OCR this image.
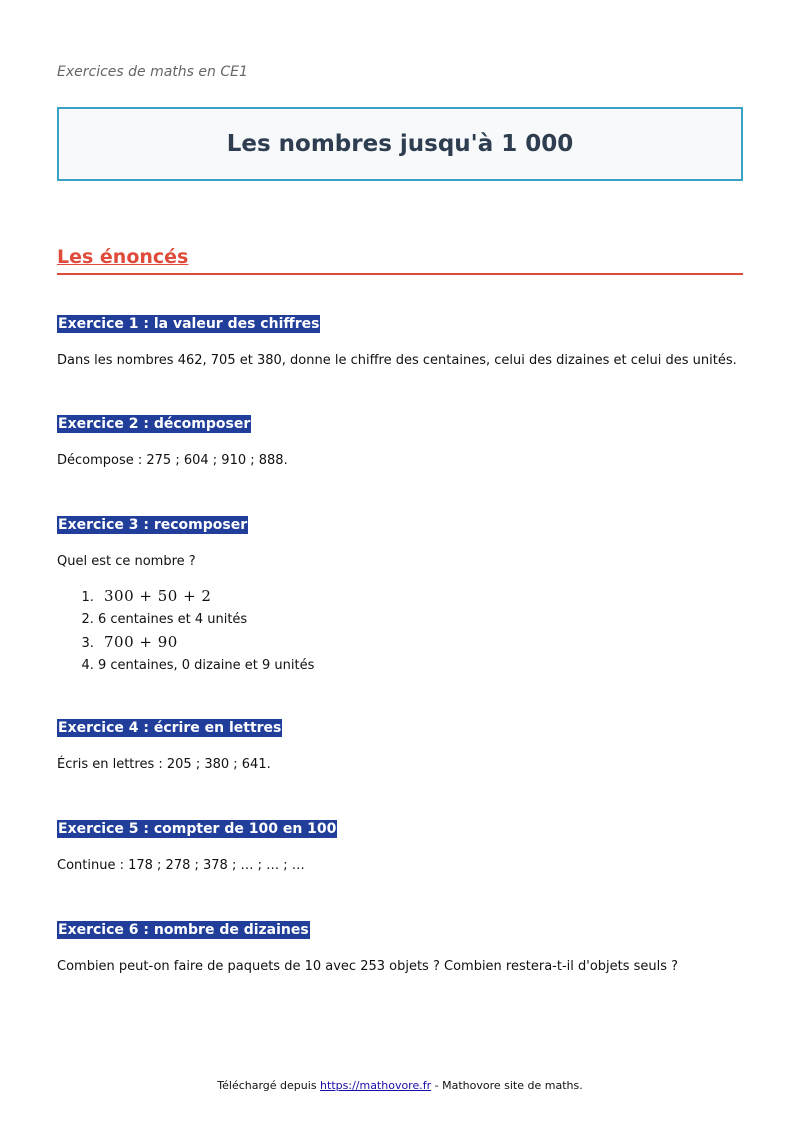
Exercices de maths en CE1
Les nombres jusqu'à 1 000
Les énoncés
Exercice 1 : la valeur des chiffres
Dans les nombres 462, 705 et 380, donne le chiffre des centaines, celui des dizaines et celui des unités.
Exercice 2 : décomposer
Décompose : 275 ; 604 ; 910 ; 888.
Exercice 3 : recomposer
Quel est ce nombre ?
1. 300 + 50 + 2
2. 6 centaines et 4 unités
3. 700 + 90
4. 9 centaines, 0 dizaine et 9 unités
Exercice 4 : écrire en lettres
Écris en lettres : 205 ; 380 ; 641.
Exercice 5 : compter de 100 en 100
Continue : 178 ; 278 ; 378 ; … ; … ; …
Exercice 6 : nombre de dizaines
Combien peut-on faire de paquets de 10 avec 253 objets ? Combien restera-t-il d'objets seuls ?
Téléchargé depuis https://mathovore.fr - Mathovore site de maths.
